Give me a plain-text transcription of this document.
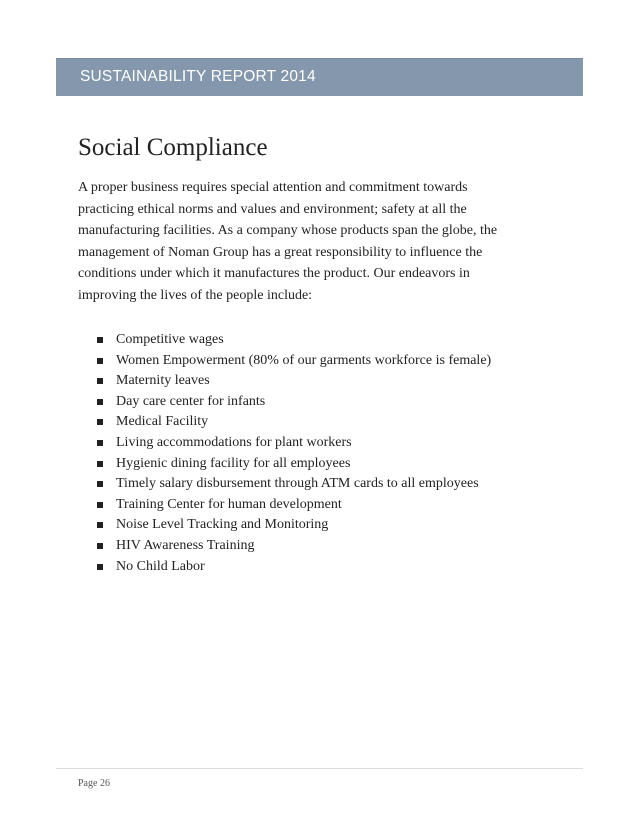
SUSTAINABILITY REPORT 2014
Social Compliance
A proper business requires special attention and commitment towards
practicing ethical norms and values and environment; safety at all the
manufacturing facilities. As a company whose products span the globe, the
management of Noman Group has a great responsibility to influence the
conditions under which it manufactures the product. Our endeavors in
improving the lives of the people include:
Competitive wages
Women Empowerment (80% of our garments workforce is female)
Maternity leaves
Day care center for infants
Medical Facility
Living accommodations for plant workers
Hygienic dining facility for all employees
Timely salary disbursement through ATM cards to all employees
Training Center for human development
Noise Level Tracking and Monitoring
HIV Awareness Training
No Child Labor
Page 26
